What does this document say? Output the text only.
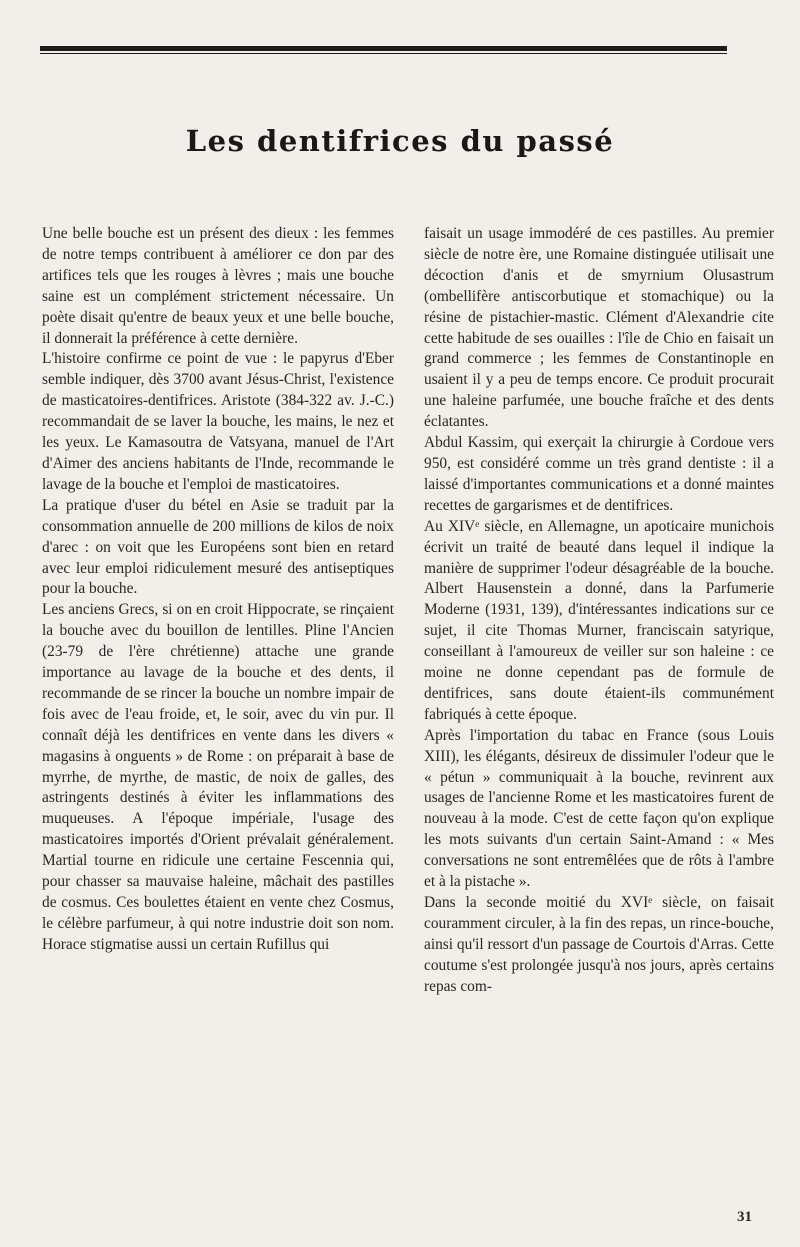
Les dentifrices du passé

Une belle bouche est un présent des dieux : les femmes de notre temps contribuent à améliorer ce don par des artifices tels que les rouges à lèvres ; mais une bouche saine est un complément strictement nécessaire. Un poète disait qu'entre de beaux yeux et une belle bouche, il donnerait la préférence à cette dernière.

L'histoire confirme ce point de vue : le papyrus d'Eber semble indiquer, dès 3700 avant Jésus-Christ, l'existence de masticatoires-dentifrices. Aristote (384-322 av. J.-C.) recommandait de se laver la bouche, les mains, le nez et les yeux. Le Kamasoutra de Vatsyana, manuel de l'Art d'Aimer des anciens habitants de l'Inde, recommande le lavage de la bouche et l'emploi de masticatoires.

La pratique d'user du bétel en Asie se traduit par la consommation annuelle de 200 millions de kilos de noix d'arec : on voit que les Européens sont bien en retard avec leur emploi ridiculement mesuré des antiseptiques pour la bouche.

Les anciens Grecs, si on en croit Hippocrate, se rinçaient la bouche avec du bouillon de lentilles. Pline l'Ancien (23-79 de l'ère chrétienne) attache une grande importance au lavage de la bouche et des dents, il recommande de se rincer la bouche un nombre impair de fois avec de l'eau froide, et, le soir, avec du vin pur. Il connaît déjà les dentifrices en vente dans les divers « magasins à onguents » de Rome : on préparait à base de myrrhe, de myrthe, de mastic, de noix de galles, des astringents destinés à éviter les inflammations des muqueuses. A l'époque impériale, l'usage des masticatoires importés d'Orient prévalait généralement. Martial tourne en ridicule une certaine Fescennia qui, pour chasser sa mauvaise haleine, mâchait des pastilles de cosmus. Ces boulettes étaient en vente chez Cosmus, le célèbre parfumeur, à qui notre industrie doit son nom. Horace stigmatise aussi un certain Rufillus qui

faisait un usage immodéré de ces pastilles. Au premier siècle de notre ère, une Romaine distinguée utilisait une décoction d'anis et de smyrnium Olusastrum (ombellifère antiscorbutique et stomachique) ou la résine de pistachier-mastic. Clément d'Alexandrie cite cette habitude de ses ouailles : l'île de Chio en faisait un grand commerce ; les femmes de Constantinople en usaient il y a peu de temps encore. Ce produit procurait une haleine parfumée, une bouche fraîche et des dents éclatantes.

Abdul Kassim, qui exerçait la chirurgie à Cordoue vers 950, est considéré comme un très grand dentiste : il a laissé d'importantes communications et a donné maintes recettes de gargarismes et de dentifrices.

Au XIVᵉ siècle, en Allemagne, un apoticaire munichois écrivit un traité de beauté dans lequel il indique la manière de supprimer l'odeur désagréable de la bouche. Albert Hausenstein a donné, dans la Parfumerie Moderne (1931, 139), d'intéressantes indications sur ce sujet, il cite Thomas Murner, franciscain satyrique, conseillant à l'amoureux de veiller sur son haleine : ce moine ne donne cependant pas de formule de dentifrices, sans doute étaient-ils communément fabriqués à cette époque.

Après l'importation du tabac en France (sous Louis XIII), les élégants, désireux de dissimuler l'odeur que le « pétun » communiquait à la bouche, revinrent aux usages de l'ancienne Rome et les masticatoires furent de nouveau à la mode. C'est de cette façon qu'on explique les mots suivants d'un certain Saint-Amand : « Mes conversations ne sont entremêlées que de rôts à l'ambre et à la pistache ».

Dans la seconde moitié du XVIᵉ siècle, on faisait couramment circuler, à la fin des repas, un rince-bouche, ainsi qu'il ressort d'un passage de Courtois d'Arras. Cette coutume s'est prolongée jusqu'à nos jours, après certains repas com-

31
